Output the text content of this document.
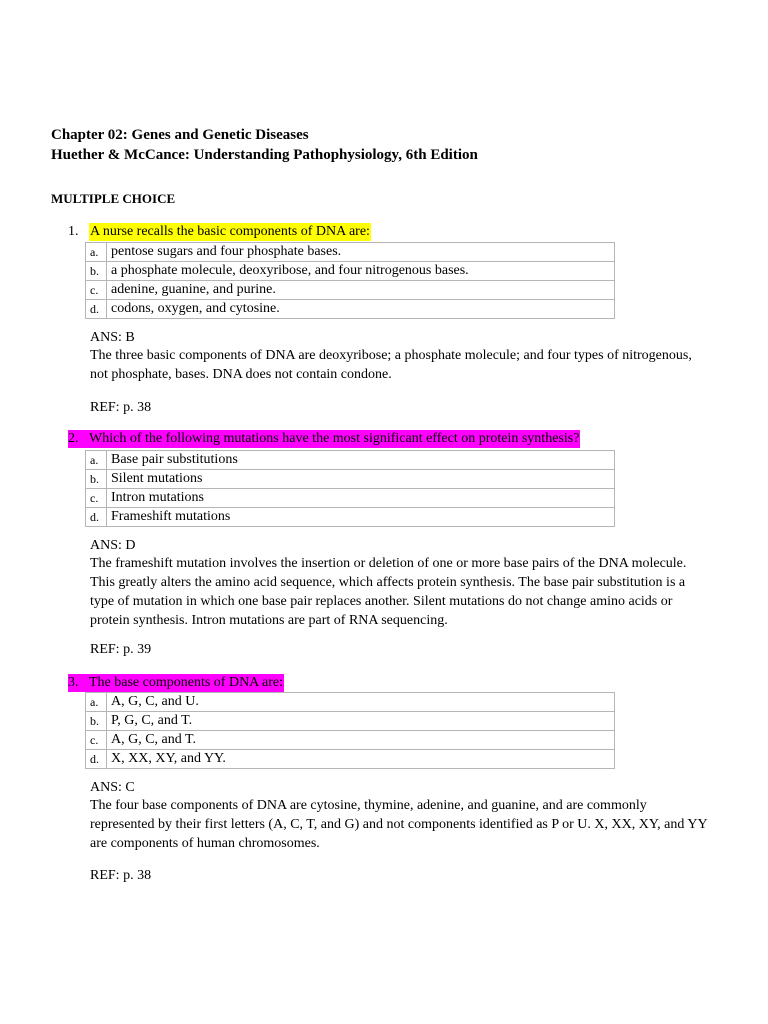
Chapter 02: Genes and Genetic Diseases
Huether & McCance: Understanding Pathophysiology, 6th Edition
MULTIPLE CHOICE
1. A nurse recalls the basic components of DNA are:
a.	pentose sugars and four phosphate bases.
b.	a phosphate molecule, deoxyribose, and four nitrogenous bases.
c.	adenine, guanine, and purine.
d.	codons, oxygen, and cytosine.
ANS: B
The three basic components of DNA are deoxyribose; a phosphate molecule; and four types of nitrogenous, not phosphate, bases. DNA does not contain condone.
REF: p. 38
2. Which of the following mutations have the most significant effect on protein synthesis?
a.	Base pair substitutions
b.	Silent mutations
c.	Intron mutations
d.	Frameshift mutations
ANS: D
The frameshift mutation involves the insertion or deletion of one or more base pairs of the DNA molecule. This greatly alters the amino acid sequence, which affects protein synthesis. The base pair substitution is a type of mutation in which one base pair replaces another. Silent mutations do not change amino acids or protein synthesis. Intron mutations are part of RNA sequencing.
REF: p. 39
3. The base components of DNA are:
a.	A, G, C, and U.
b.	P, G, C, and T.
c.	A, G, C, and T.
d.	X, XX, XY, and YY.
ANS: C
The four base components of DNA are cytosine, thymine, adenine, and guanine, and are commonly represented by their first letters (A, C, T, and G) and not components identified as P or U. X, XX, XY, and YY are components of human chromosomes.
REF: p. 38
